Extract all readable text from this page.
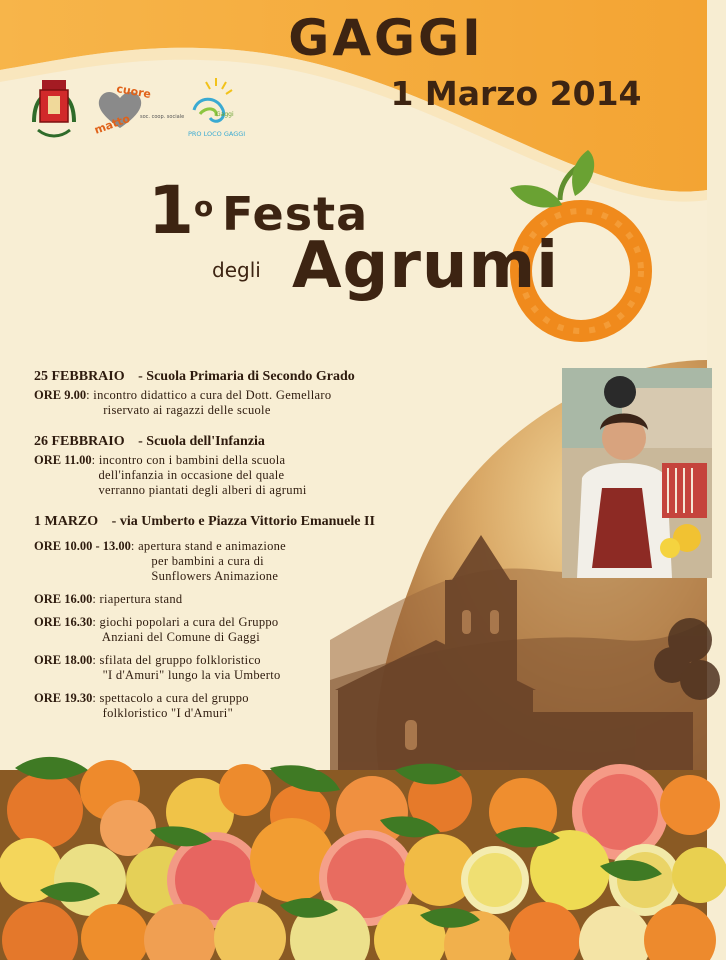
GAGGI
1 Marzo 2014
cuore
matto soc. coop. sociale	Gaggi
PRO LOCO GAGGI
1$^o$ Festa
degli Agrumi
25 FEBBRAIO - Scuola Primaria di Secondo Grado
ORE 9.00 : incontro didattico a cura del Dott. Gemellaro
riservato ai ragazzi delle scuole
26 FEBBRAIO - Scuola dell'Infanzia
ORE 11.00 : incontro con i bambini della scuola
dell'infanzia in occasione del quale
verranno piantati degli alberi di agrumi
1 MARZO - via Umberto e Piazza Vittorio Emanuele II
ORE 10.00 - 13.00 : apertura stand e animazione
per bambini a cura di
Sunflowers Animazione
ORE 16.00 : riapertura stand
ORE 16.30 : giochi popolari a cura del Gruppo
Anziani del Comune di Gaggi
ORE 18.00 : sfilata del gruppo folkloristico
"I d'Amuri" lungo la via Umberto
ORE 19.30 : spettacolo a cura del gruppo
folkloristico "I d'Amuri"
